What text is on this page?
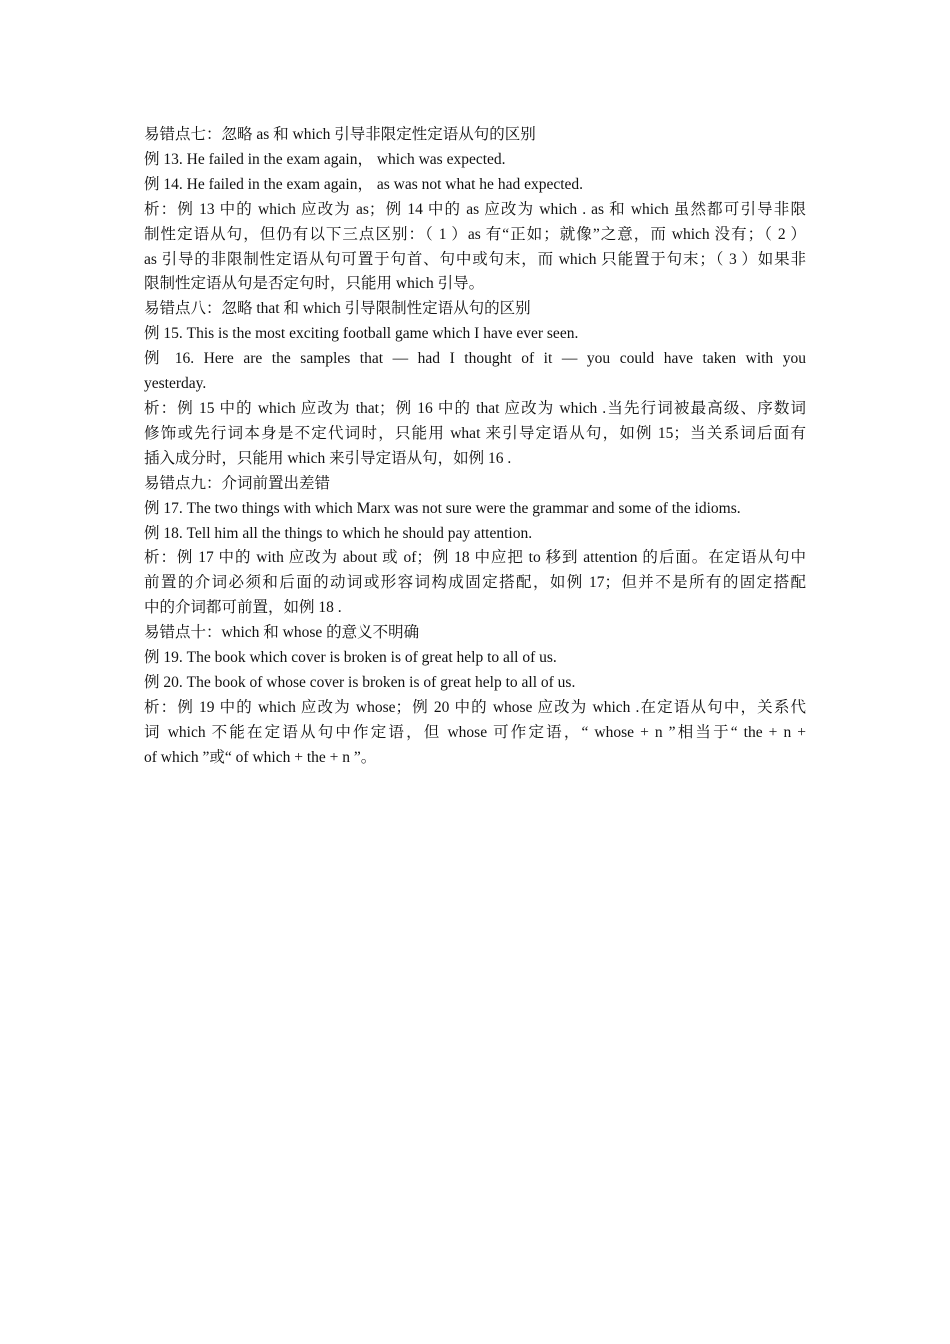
易错点七：忽略 as 和 which 引导非限定性定语从句的区别

例 13. He failed in the exam again， which was expected.

例 14. He failed in the exam again， as was not what he had expected.

析：例 13 中的 which 应改为 as；例 14 中的 as 应改为 which . as 和 which 虽然都可引导非限
制性定语从句，但仍有以下三点区别：（ 1 ）as 有“正如；就像”之意，而 which 没有；（ 2 ）
as 引导的非限制性定语从句可置于句首、句中或句末，而 which 只能置于句末；（ 3 ）如果非
限制性定语从句是否定句时，只能用 which 引导。

易错点八：忽略 that 和 which 引导限制性定语从句的区别

例 15. This is the most exciting football game which I have ever seen.

例 16. Here are the samples that — had I thought of it — you could have taken with you
yesterday.

析：例 15 中的 which 应改为 that；例 16 中的 that 应改为 which .当先行词被最高级、序数词
修饰或先行词本身是不定代词时，只能用 what 来引导定语从句，如例 15；当关系词后面有
插入成分时，只能用 which 来引导定语从句，如例 16 .

易错点九：介词前置出差错

例 17. The two things with which Marx was not sure were the grammar and some of the idioms.

例 18. Tell him all the things to which he should pay attention.

析：例 17 中的 with 应改为 about 或 of；例 18 中应把 to 移到 attention 的后面。在定语从句中
前置的介词必须和后面的动词或形容词构成固定搭配，如例 17；但并不是所有的固定搭配
中的介词都可前置，如例 18 .

易错点十：which 和 whose 的意义不明确

例 19. The book which cover is broken is of great help to all of us.

例 20. The book of whose cover is broken is of great help to all of us.

析：例 19 中的 which 应改为 whose；例 20 中的 whose 应改为 which .在定语从句中，关系代
词 which 不能在定语从句中作定语，但 whose 可作定语，“ whose + n ”相当于“ the + n +
of which ”或“ of which + the + n ”。
